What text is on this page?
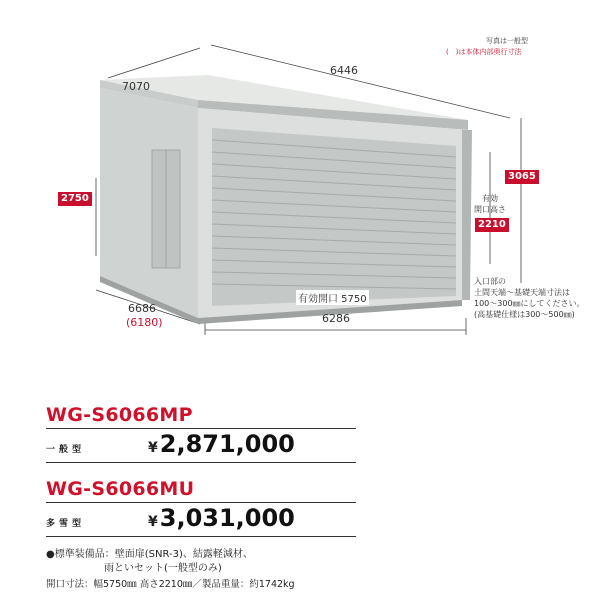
写真は一般型
(　)は本体内部奥行寸法
6446
7070
2750
3065
有効
開口高さ
2210
6686
(6180)
有効開口 5750
6286
入口部の
土間天端～基礎天端寸法は
100～300㎜にしてください。
(高基礎仕様は300～500㎜)
WG-S6066MP
一般型	¥2,871,000
WG-S6066MU
多雪型	¥3,031,000
●標準装備品：壁面扉(SNR-3)、結露軽減材、
雨といセット(一般型のみ)
開口寸法：幅5750㎜ 高さ2210㎜／製品重量：約1742kg
